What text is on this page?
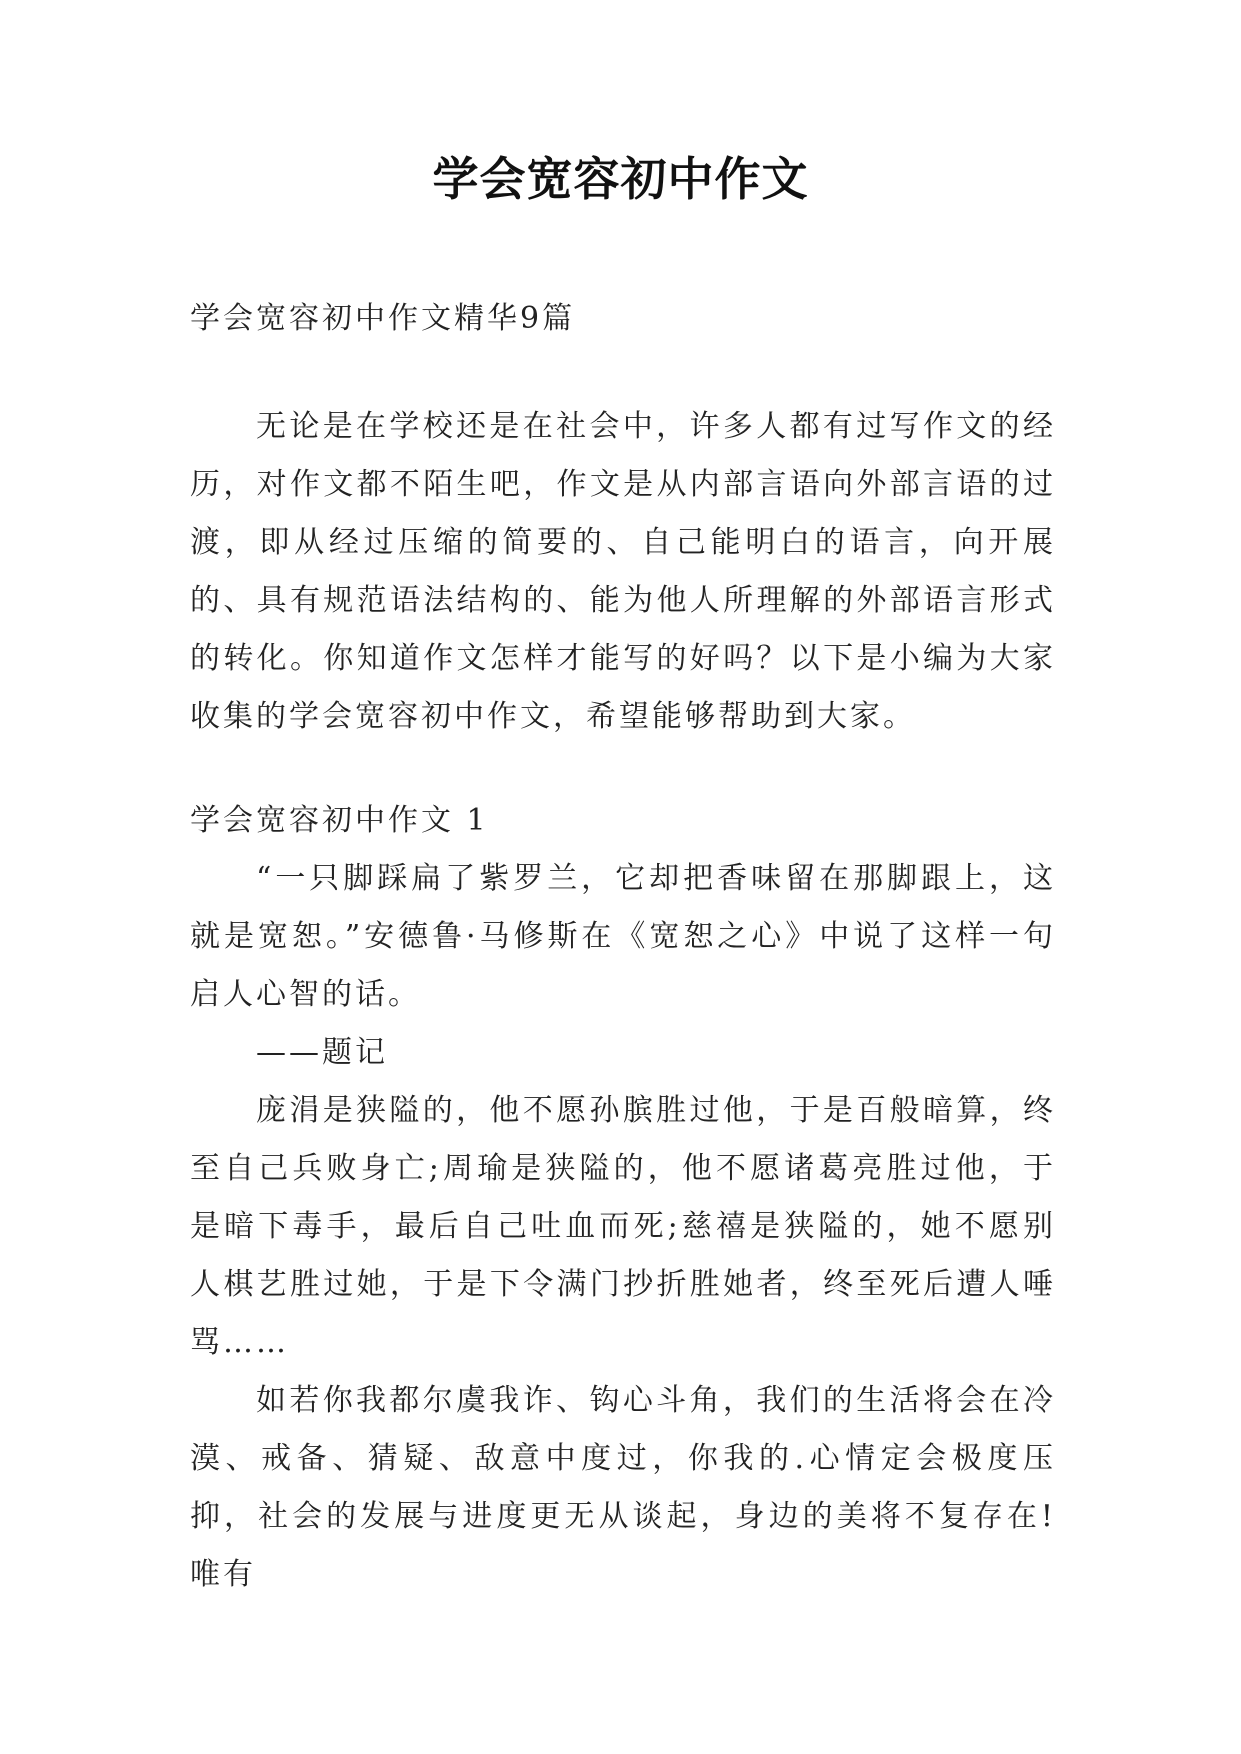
学会宽容初中作文

学会宽容初中作文精华9篇

无论是在学校还是在社会中，许多人都有过写作文的经历，对作文都不陌生吧，作文是从内部言语向外部言语的过渡，即从经过压缩的简要的、自己能明白的语言，向开展的、具有规范语法结构的、能为他人所理解的外部语言形式的转化。你知道作文怎样才能写的好吗？以下是小编为大家收集的学会宽容初中作文，希望能够帮助到大家。

学会宽容初中作文 1

“一只脚踩扁了紫罗兰，它却把香味留在那脚跟上，这就是宽恕。”安德鲁·马修斯在《宽恕之心》中说了这样一句启人心智的话。

——题记

庞涓是狭隘的，他不愿孙膑胜过他，于是百般暗算，终至自己兵败身亡;周瑜是狭隘的，他不愿诸葛亮胜过他，于是暗下毒手，最后自己吐血而死;慈禧是狭隘的，她不愿别人棋艺胜过她，于是下令满门抄折胜她者，终至死后遭人唾骂……

如若你我都尔虞我诈、钩心斗角，我们的生活将会在冷漠、戒备、猜疑、敌意中度过，你我的.心情定会极度压抑，社会的发展与进度更无从谈起，身边的美将不复存在!唯有
